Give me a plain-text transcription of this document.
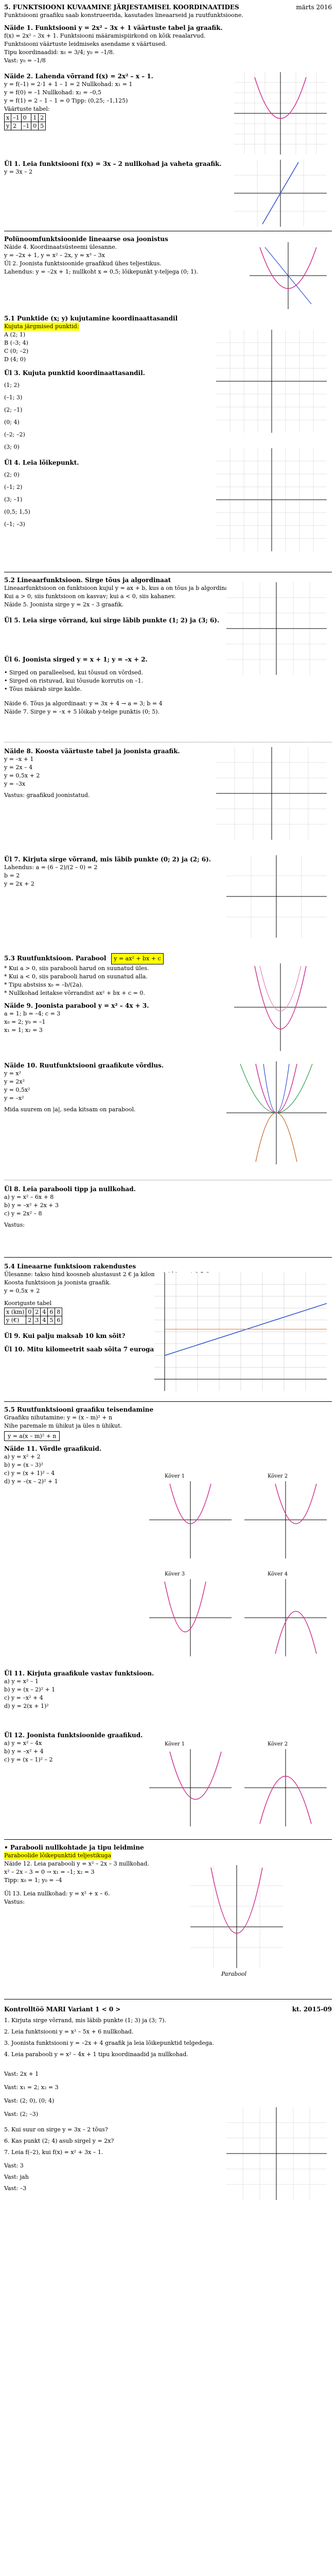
5. FUNKTSIOONI KUVAAMINE JÄRJESTAMISEL KOORDINAATIDES	märts 2016
Funktsiooni graafiku saab konstrueerida, kasutades lineaarseid ja ruutfunktsioone.
Näide 1. Funktsiooni y = 2x² – 3x + 1 väärtuste tabel ja graafik.
f(x) = 2x² – 3x + 1. Funktsiooni määramispiirkond on kõik reaalarvud.
Funktsiooni väärtuste leidmiseks asendame x väärtused.
Tipu koordinaadid: x₀ = 3/4; y₀ = –1/8.
Vast: y₀ = –1/8
Näide 2. Lahenda võrrand f(x) = 2x² – x – 1.
y = f(–1) = 2·1 + 1 – 1 = 2 Nullkohad: x₁ = 1
y = f(0) = –1 Nullkohad: x₂ = –0,5
y = f(1) = 2 – 1 – 1 = 0 Tipp: (0,25; –1,125)
Väärtuste tabel:
x	–1	0	1	2
y	2	–1	0	5
Ül 1. Leia funktsiooni f(x) = 3x – 2 nullkohad ja vaheta graafik.
y = 3x – 2
Polünoomfunktsioonide lineaarse osa joonistus
Näide 4. Koordinaatsüsteemi ülesanne.
y = –2x + 1, y = x² – 2x, y = x³ – 3x
Ül 2. Joonista funktsioonide graafikud ühes teljestikus.
Lahendus: y = –2x + 1; nullkoht x = 0,5; lõikepunkt y-teljega (0; 1).
5.1 Punktide (x; y) kujutamine koordinaattasandil
Kujuta järgmised punktid:
A (2; 1)
B (–3; 4)
C (0; –2)
D (4; 0)
Ül 3. Kujuta punktid koordinaattasandil.
(1; 2)
(–1; 3)
(2; –1)
(0; 4)
(–2; –2)
(3; 0)
Ül 4. Leia lõikepunkt.
(2; 0)
(–1; 2)
(3; –1)
(0,5; 1,5)
(–1; –3)
5.2 Lineaarfunktsioon. Sirge tõus ja algordinaat
Lineaarfunktsioon on funktsioon kujul y = ax + b, kus a on tõus ja b algordinaat.
Kui a > 0, siis funktsioon on kasvav; kui a < 0, siis kahanev.
Näide 5. Joonista sirge y = 2x – 3 graafik.
Ül 5. Leia sirge võrrand, kui sirge läbib punkte (1; 2) ja (3; 6).
Ül 6. Joonista sirged y = x + 1; y = –x + 2.
• Sirged on paralleelsed, kui tõusud on võrdsed.
• Sirged on ristuvad, kui tõusude korrutis on –1.
• Tõus määrab sirge kalde.
Näide 6. Tõus ja algordinaat: y = 3x + 4 → a = 3; b = 4
Näide 7. Sirge y = –x + 5 lõikab y-telge punktis (0; 5).
Näide 8. Koosta väärtuste tabel ja joonista graafik.
y = –x + 1
y = 2x – 4
y = 0,5x + 2
y = –3x
Vastus: graafikud joonistatud.
Ül 7. Kirjuta sirge võrrand, mis läbib punkte (0; 2) ja (2; 6).
Lahendus: a = (6 – 2)/(2 – 0) = 2
b = 2
y = 2x + 2
5.3 Ruutfunktsioon. Parabool y = ax² + bx + c
* Kui a > 0, siis parabooli harud on suunatud üles.
* Kui a < 0, siis parabooli harud on suunatud alla.
* Tipu abstsiss x₀ = –b/(2a).
* Nullkohad leitakse võrrandist ax² + bx + c = 0.
Näide 9. Joonista parabool y = x² – 4x + 3.
a = 1; b = –4; c = 3
x₀ = 2; y₀ = –1
x₁ = 1; x₂ = 3
Näide 10. Ruutfunktsiooni graafikute võrdlus.
y = x²
y = 2x²
y = 0,5x²
y = –x²
Mida suurem on |a|, seda kitsam on parabool.
Ül 8. Leia parabooli tipp ja nullkohad.
a) y = x² – 6x + 8
b) y = –x² + 2x + 3
c) y = 2x² – 8
Vastus:
5.4 Lineaarne funktsioon rakendustes
Ülesanne: takso hind koosneb alustasust 2 € ja kilomeetri hinnast 0,5 €.
Koosta funktsioon ja joonista graafik.
y = 0,5x + 2
Kooriguste tabel
x (km)	0	2	4	6	8
y (€)	2	3	4	5	6
Ül 9. Kui palju maksab 10 km sõit?
Ül 10. Mitu kilomeetrit saab sõita 7 euroga?
5.5 Ruutfunktsiooni graafiku teisendamine
Graafiku nihutamine: y = (x – m)² + n
Nihe paremale m ühikut ja üles n ühikut.
y = a(x – m)² + n
Näide 11. Võrdle graafikuid.
a) y = x² + 2
b) y = (x – 3)²
c) y = (x + 1)² – 4
d) y = –(x – 2)² + 1
Kõver 1	Kõver 2
Kõver 3	Kõver 4
Ül 11. Kirjuta graafikule vastav funktsioon.
a) y = x² – 1
b) y = (x – 2)² + 1
c) y = –x² + 4
d) y = 2(x + 1)²
Ül 12. Joonista funktsioonide graafikud.
a) y = x² – 4x
b) y = –x² + 4
c) y = (x – 1)² – 2
Kõver 1	Kõver 2
• Parabooli nullkohtade ja tipu leidmine
Paraboolide lõikepunktid teljestikuga
Näide 12. Leia parabooli y = x² – 2x – 3 nullkohad.
x² – 2x – 3 = 0 → x₁ = –1; x₂ = 3
Tipp: x₀ = 1; y₀ = –4
Ül 13. Leia nullkohad: y = x² + x – 6.
Vastus:
Parabool
Kontrolltöö MARI Variant 1 < 0 >	kt. 2015-09
1. Kirjuta sirge võrrand, mis läbib punkte (1; 3) ja (3; 7).
2. Leia funktsiooni y = x² – 5x + 6 nullkohad.
3. Joonista funktsiooni y = –2x + 4 graafik ja leia lõikepunktid telgedega.
4. Leia parabooli y = x² – 4x + 1 tipu koordinaadid ja nullkohad.
Vast: 2x + 1
Vast: x₁ = 2; x₂ = 3
Vast: (2; 0), (0; 4)
Vast: (2; –3)
5. Kui suur on sirge y = 3x – 2 tõus?
6. Kas punkt (2; 4) asub sirgel y = 2x?
7. Leia f(–2), kui f(x) = x² + 3x – 1.
Vast: 3
Vast: jah
Vast: –3
